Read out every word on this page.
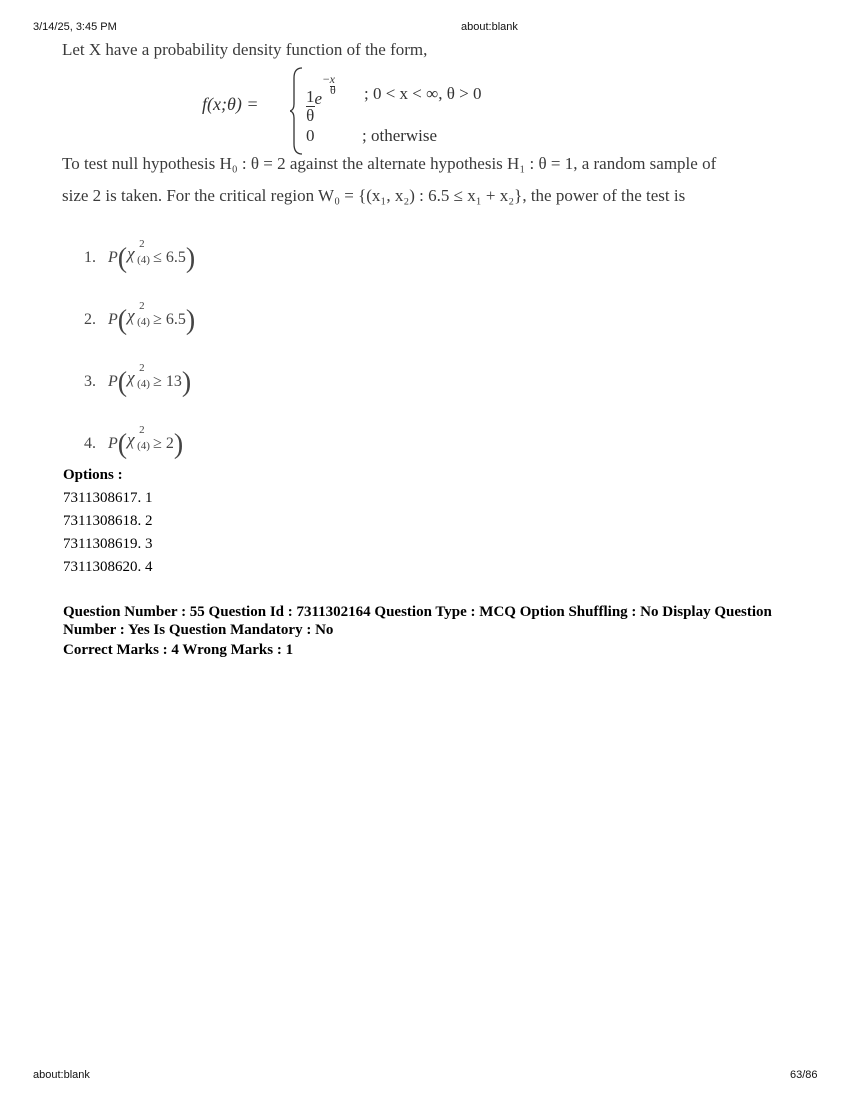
3/14/25, 3:45 PM	about:blank
Let X have a probability density function of the form,
f(x;θ) =	$\frac{1}{\theta}$ e
−x
θ ; 0 < x < ∞, θ > 0
0	; otherwise
To test null hypothesis H₀ : θ = 2 against the alternate hypothesis H₁ : θ = 1, a random sample of
size 2 is taken. For the critical region W₀ = {(x₁, x₂) : 6.5 ≤ x₁ + x₂}, the power of the test is
1. P( χ 2
(4) ≤ 6.5)
2. P( χ 2
(4) ≥ 6.5)
3. P( χ 2
(4) ≥ 13)
4. P( χ 2
(4) ≥ 2)
Options :
7311308617. 1
7311308618. 2
7311308619. 3
7311308620. 4
Question Number : 55 Question Id : 7311302164 Question Type : MCQ Option Shuffling : No Display Question Number : Yes Is Question Mandatory : No
Correct Marks : 4 Wrong Marks : 1
about:blank	63/86
